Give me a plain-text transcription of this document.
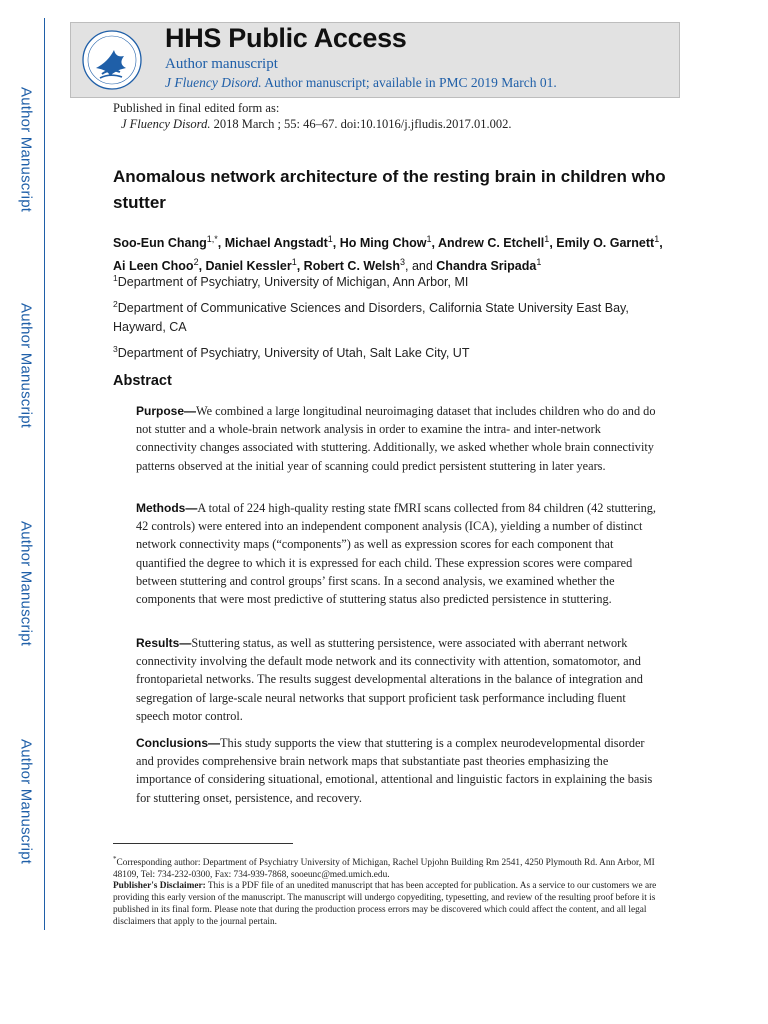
Author Manuscript
Author Manuscript
Author Manuscript
Author Manuscript
HHS Public Access
Author manuscript
J Fluency Disord. Author manuscript; available in PMC 2019 March 01.
Published in final edited form as:
J Fluency Disord. 2018 March ; 55: 46–67. doi:10.1016/j.jfludis.2017.01.002.
Anomalous network architecture of the resting brain in children who stutter
Soo-Eun Chang$^{1,*}$, Michael Angstadt$^1$, Ho Ming Chow$^1$, Andrew C. Etchell$^1$, Emily O. Garnett$^1$, Ai Leen Choo$^2$, Daniel Kessler$^1$, Robert C. Welsh$^3$, and Chandra Sripada$^1$
$^1$Department of Psychiatry, University of Michigan, Ann Arbor, MI
$^2$Department of Communicative Sciences and Disorders, California State University East Bay, Hayward, CA
$^3$Department of Psychiatry, University of Utah, Salt Lake City, UT
Abstract
Purpose—We combined a large longitudinal neuroimaging dataset that includes children who do and do not stutter and a whole-brain network analysis in order to examine the intra- and inter-network connectivity changes associated with stuttering. Additionally, we asked whether whole brain connectivity patterns observed at the initial year of scanning could predict persistent stuttering in later years.
Methods—A total of 224 high-quality resting state fMRI scans collected from 84 children (42 stuttering, 42 controls) were entered into an independent component analysis (ICA), yielding a number of distinct network connectivity maps (“components”) as well as expression scores for each component that quantified the degree to which it is expressed for each child. These expression scores were compared between stuttering and control groups’ first scans. In a second analysis, we examined whether the components that were most predictive of stuttering status also predicted persistence in stuttering.
Results—Stuttering status, as well as stuttering persistence, were associated with aberrant network connectivity involving the default mode network and its connectivity with attention, somatomotor, and frontoparietal networks. The results suggest developmental alterations in the balance of integration and segregation of large-scale neural networks that support proficient task performance including fluent speech motor control.
Conclusions—This study supports the view that stuttering is a complex neurodevelopmental disorder and provides comprehensive brain network maps that substantiate past theories emphasizing the importance of considering situational, emotional, attentional and linguistic factors in explaining the basis for stuttering onset, persistence, and recovery.
*Corresponding author: Department of Psychiatry University of Michigan, Rachel Upjohn Building Rm 2541, 4250 Plymouth Rd. Ann Arbor, MI 48109, Tel: 734-232-0300, Fax: 734-939-7868, sooeunc@med.umich.edu.
Publisher's Disclaimer: This is a PDF file of an unedited manuscript that has been accepted for publication. As a service to our customers we are providing this early version of the manuscript. The manuscript will undergo copyediting, typesetting, and review of the resulting proof before it is published in its final form. Please note that during the production process errors may be discovered which could affect the content, and all legal disclaimers that apply to the journal pertain.
